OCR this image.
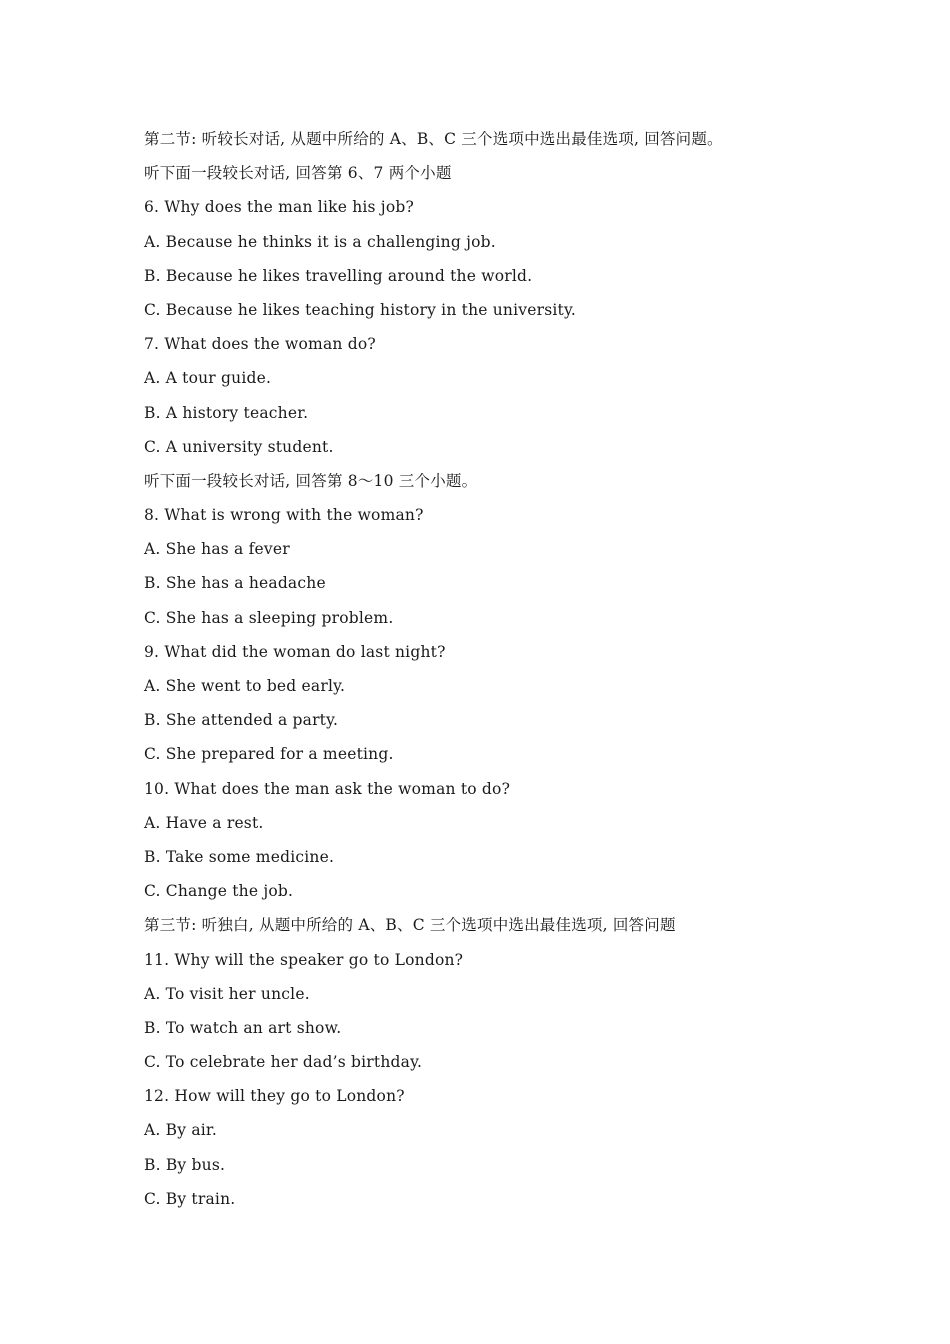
第二节: 听较长对话, 从题中所给的 A、B、C 三个选项中选出最佳选项, 回答问题。
听下面一段较长对话, 回答第 6、7 两个小题
6. Why does the man like his job?
A. Because he thinks it is a challenging job.
B. Because he likes travelling around the world.
C. Because he likes teaching history in the university.
7. What does the woman do?
A. A tour guide.
B. A history teacher.
C. A university student.
听下面一段较长对话, 回答第 8～10 三个小题。
8. What is wrong with the woman?
A. She has a fever
B. She has a headache
C. She has a sleeping problem.
9. What did the woman do last night?
A. She went to bed early.
B. She attended a party.
C. She prepared for a meeting.
10. What does the man ask the woman to do?
A. Have a rest.
B. Take some medicine.
C. Change the job.
第三节: 听独白, 从题中所给的 A、B、C 三个选项中选出最佳选项, 回答问题
11. Why will the speaker go to London?
A. To visit her uncle.
B. To watch an art show.
C. To celebrate her dad’s birthday.
12. How will they go to London?
A. By air.
B. By bus.
C. By train.
